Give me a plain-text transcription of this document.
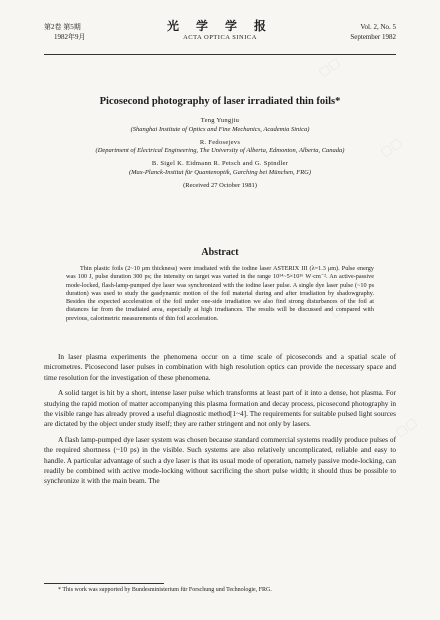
▢▢
▢▢
▢▢
▢▢
▢▢
第2卷 第5期
1982年9月
光 学 学 报
ACTA OPTICA SINICA
Vol. 2, No. 5
September 1982
Picosecond photography of laser irradiated thin foils*
Teng Yungjiu
(Shanghai Institute of Optics and Fine Mechanics, Academia Sinica)
R. Fedosejevs
(Department of Electrical Engineering, The University of Alberta, Edmonton, Alberta, Canada)
B. Sigel K. Eidmann R. Petsch and G. Spindler
(Max-Planck-Institut für Quantenoptik, Garching bei München, FRG)
(Received 27 October 1981)
Abstract
Thin plastic foils (2~10 μm thickness) were irradiated with the iodine laser ASTERIX III (λ=1.3 μm). Pulse energy was 100 J, pulse duration 300 ps; the intensity on target was varied in the range 10¹⁴~5×10¹⁶ W·cm⁻². An active-passive mode-locked, flash-lamp-pumped dye laser was synchronized with the iodine laser pulse. A single dye laser pulse (~10 ps duration) was used to study the gasdynamic motion of the foil material during and after irradiation by shadowgraphy. Besides the expected acceleration of the foil under one-side irradiation we also find strong disturbances of the foil at distances far from the irradiated area, especially at high irradiances. The results will be discussed and compared with previous, calorimetric measurements of thin foil acceleration.

In laser plasma experiments the phenomena occur on a time scale of picoseconds and a spatial scale of micrometres. Picosecond laser pulses in combination with high resolution optics can provide the necessary space and time resolution for the investigation of these phenomena.

A solid target is hit by a short, intense laser pulse which transforms at least part of it into a dense, hot plasma. For studying the rapid motion of matter accompanying this plasma formation and decay process, picosecond photography in the visible range has already proved a useful diagnostic method[1~4]. The requirements for suitable pulsed light sources are dictated by the object under study itself; they are rather stringent and not only by lasers.

A flash lamp-pumped dye laser system was chosen because standard commercial systems readily produce pulses of the required shortness (~10 ps) in the visible. Such systems are also relatively uncomplicated, reliable and easy to handle. A particular advantage of such a dye laser is that its usual mode of operation, namely passive mode-locking, can readily be combined with active mode-locking without sacrificing the short pulse width; it should thus be possible to synchronize it with the main beam. The

* This work was supported by Bundesministerium für Forschung und Technologie, FRG.
